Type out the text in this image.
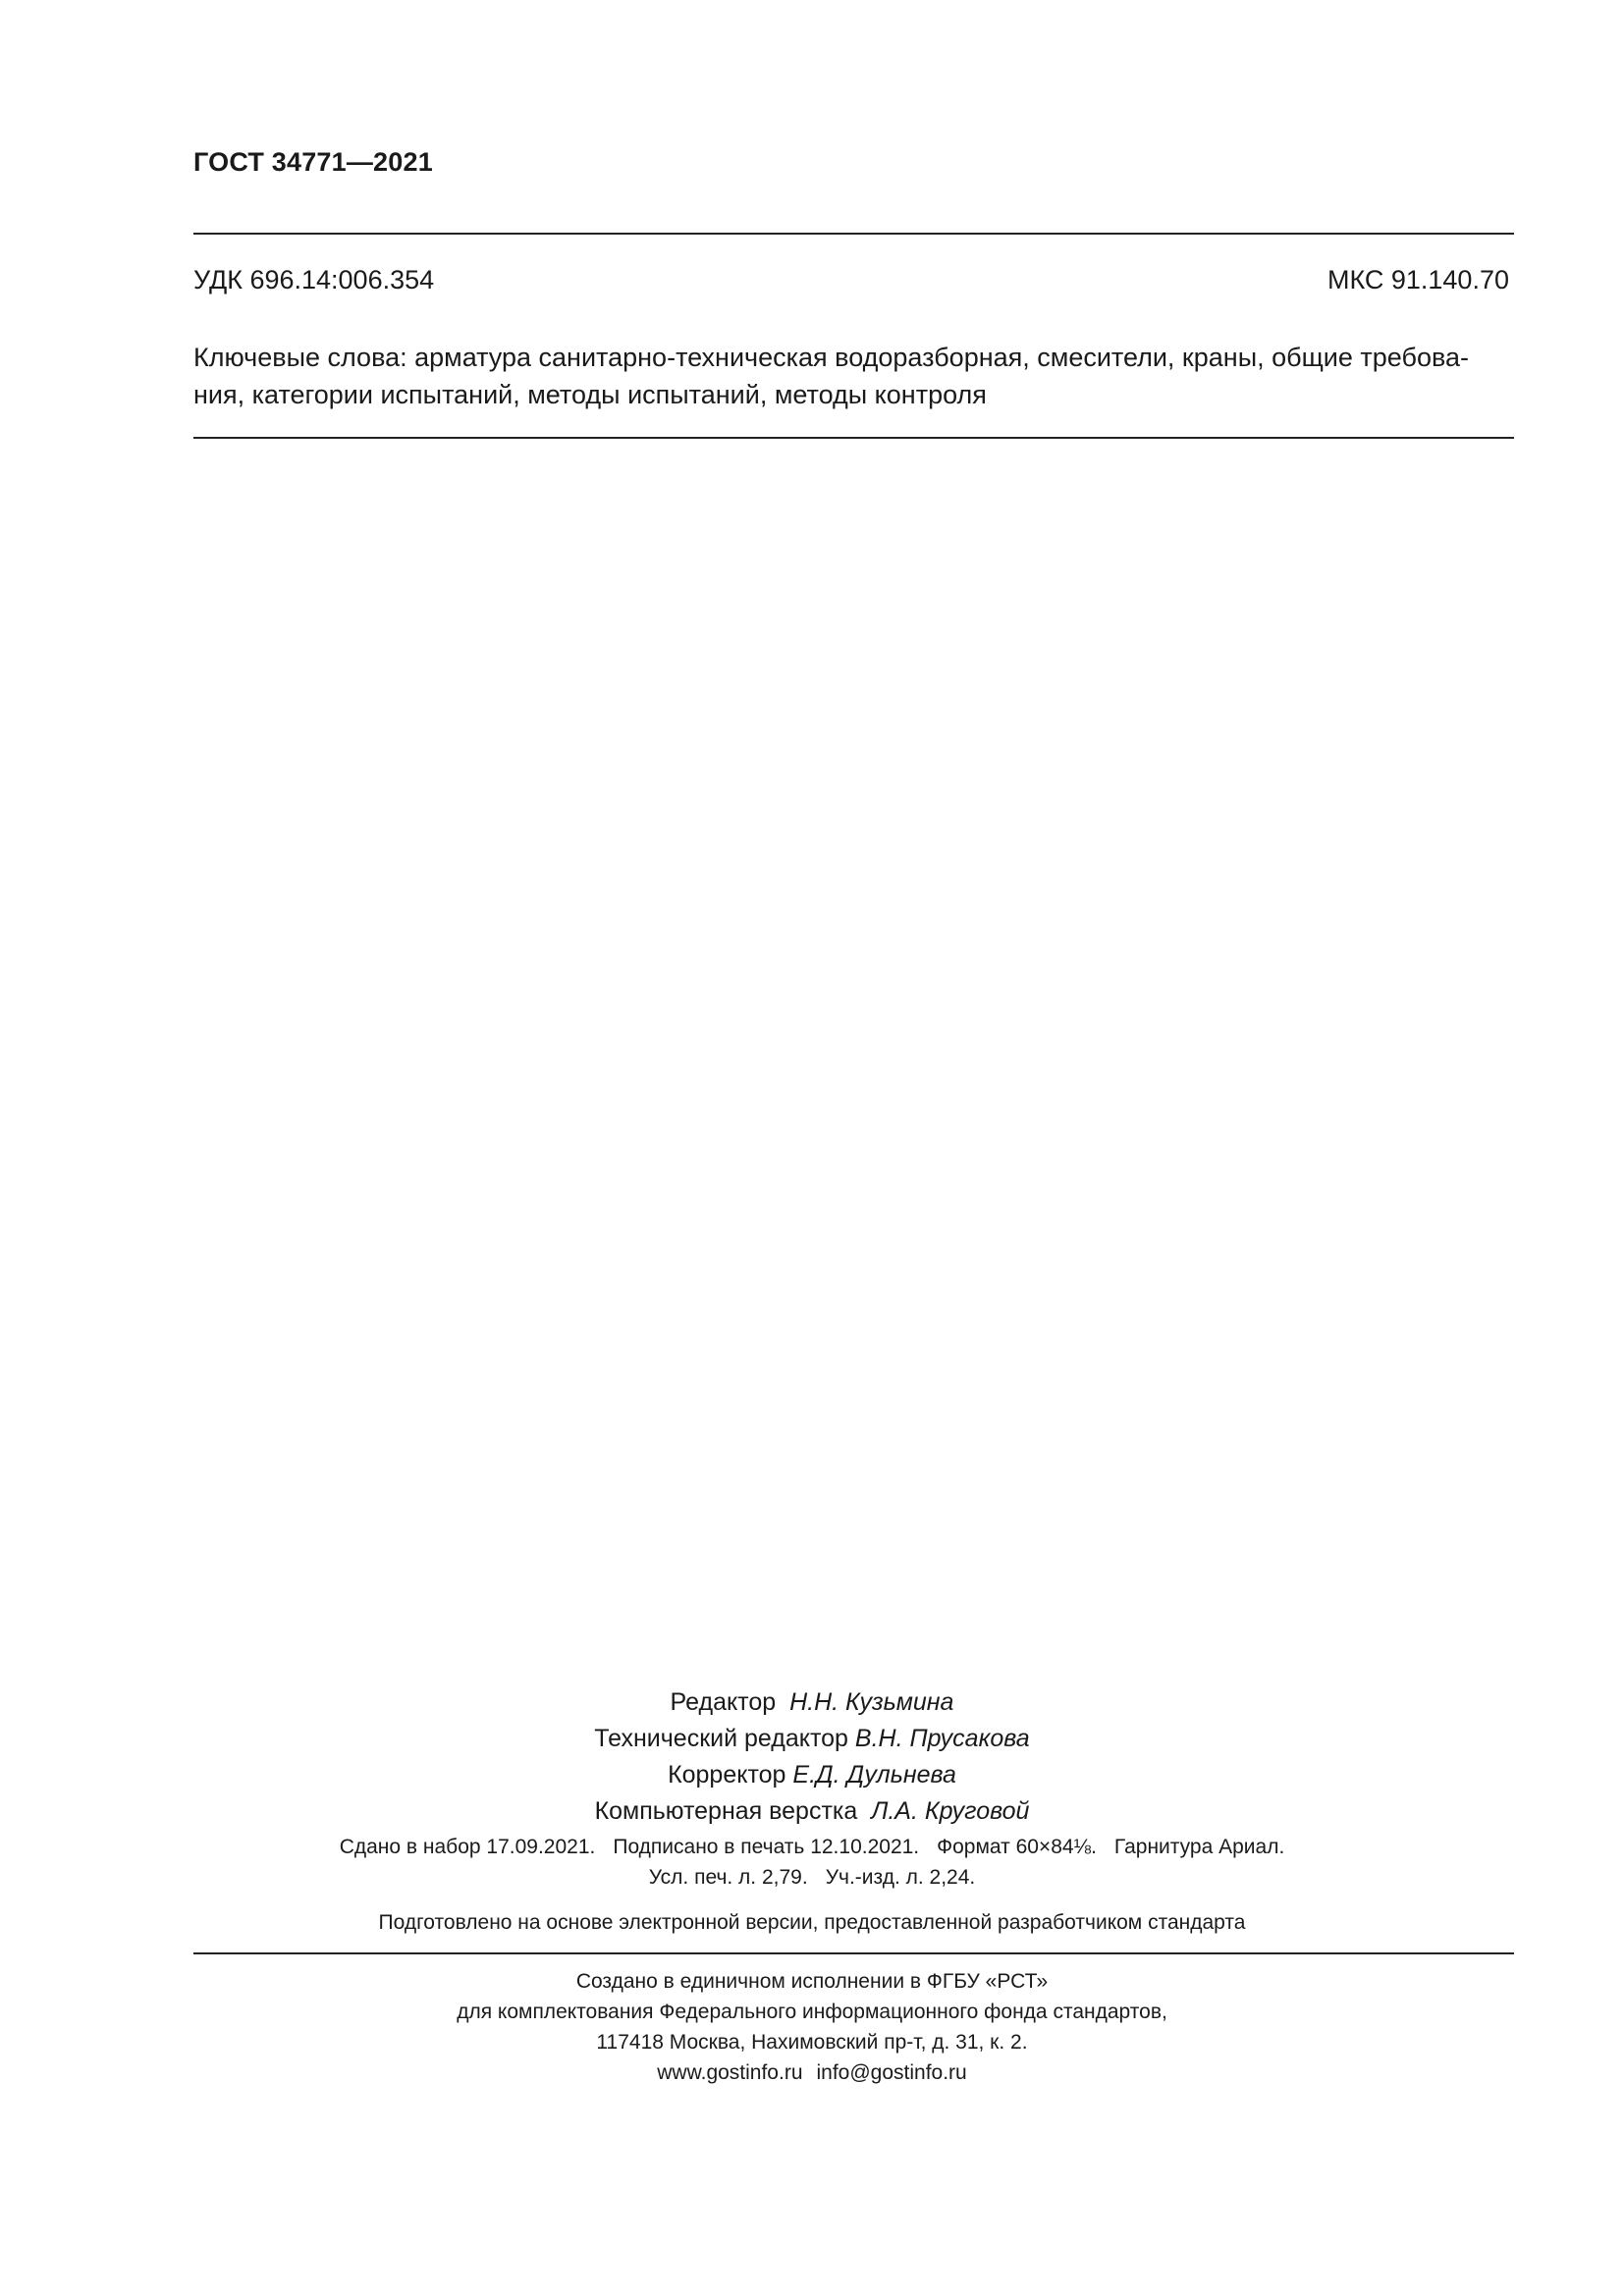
ГОСТ 34771—2021
УДК 696.14:006.354	МКС 91.140.70
Ключевые слова: арматура санитарно-техническая водоразборная, смесители, краны, общие требова-
ния, категории испытаний, методы испытаний, методы контроля
Редактор Н.Н. Кузьмина
Технический редактор В.Н. Прусакова
Корректор Е.Д. Дульнева
Компьютерная верстка Л.А. Круговой
Сдано в набор 17.09.2021. Подписано в печать 12.10.2021. Формат 60×84⅛. Гарнитура Ариал.
Усл. печ. л. 2,79. Уч.-изд. л. 2,24.
Подготовлено на основе электронной версии, предоставленной разработчиком стандарта
Создано в единичном исполнении в ФГБУ «РСТ»
для комплектования Федерального информационного фонда стандартов,
117418 Москва, Нахимовский пр-т, д. 31, к. 2.
www.gostinfo.ru info@gostinfo.ru
